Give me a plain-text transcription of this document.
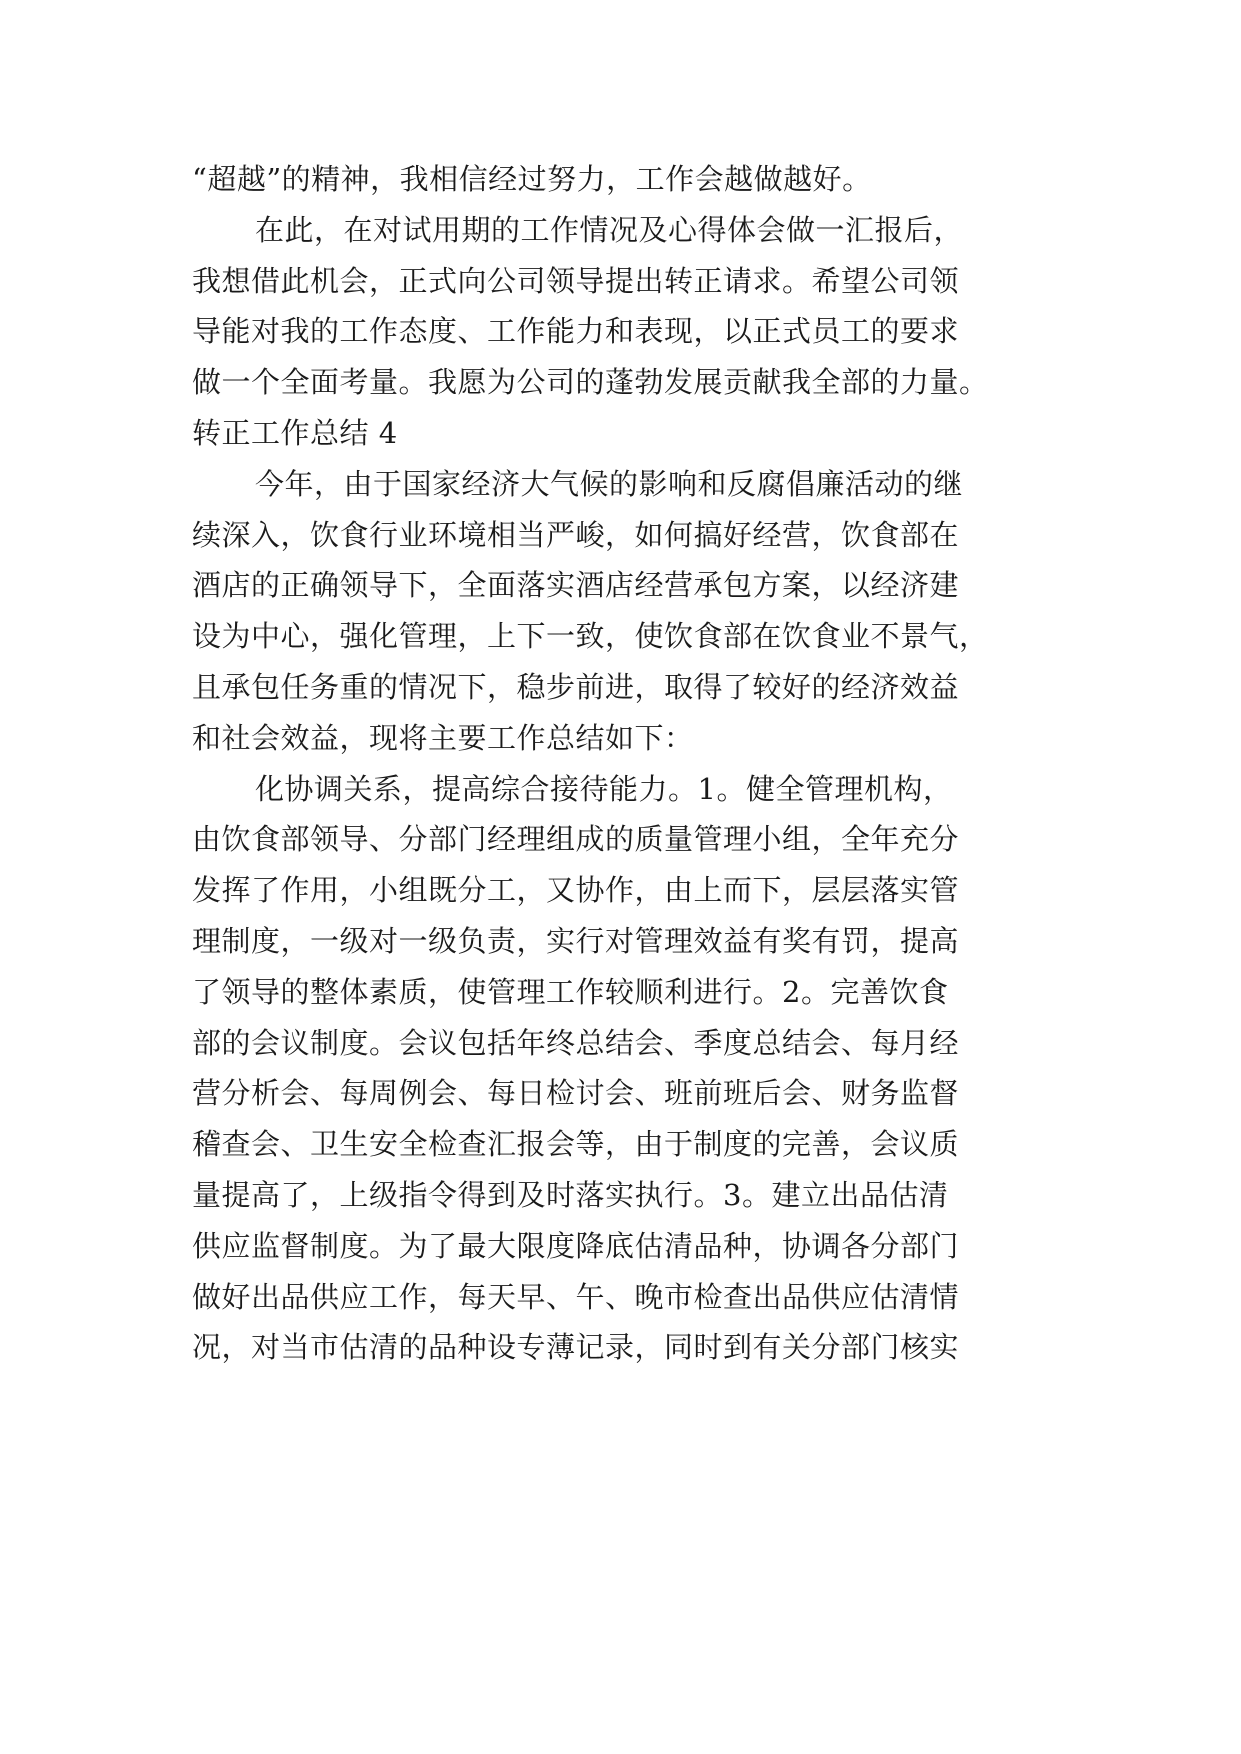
“超越”的精神，我相信经过努力，工作会越做越好。
在此，在对试用期的工作情况及心得体会做一汇报后，
我想借此机会，正式向公司领导提出转正请求。希望公司领
导能对我的工作态度、工作能力和表现，以正式员工的要求
做一个全面考量。我愿为公司的蓬勃发展贡献我全部的力量。
转正工作总结 4
今年，由于国家经济大气候的影响和反腐倡廉活动的继
续深入，饮食行业环境相当严峻，如何搞好经营，饮食部在
酒店的正确领导下，全面落实酒店经营承包方案，以经济建
设为中心，强化管理，上下一致，使饮食部在饮食业不景气，
且承包任务重的情况下，稳步前进，取得了较好的经济效益
和社会效益，现将主要工作总结如下：
化协调关系，提高综合接待能力。1。健全管理机构，
由饮食部领导、分部门经理组成的质量管理小组，全年充分
发挥了作用，小组既分工，又协作，由上而下，层层落实管
理制度，一级对一级负责，实行对管理效益有奖有罚，提高
了领导的整体素质，使管理工作较顺利进行。2。完善饮食
部的会议制度。会议包括年终总结会、季度总结会、每月经
营分析会、每周例会、每日检讨会、班前班后会、财务监督
稽查会、卫生安全检查汇报会等，由于制度的完善，会议质
量提高了，上级指令得到及时落实执行。3。建立出品估清
供应监督制度。为了最大限度降底估清品种，协调各分部门
做好出品供应工作，每天早、午、晚市检查出品供应估清情
况，对当市估清的品种设专薄记录，同时到有关分部门核实
